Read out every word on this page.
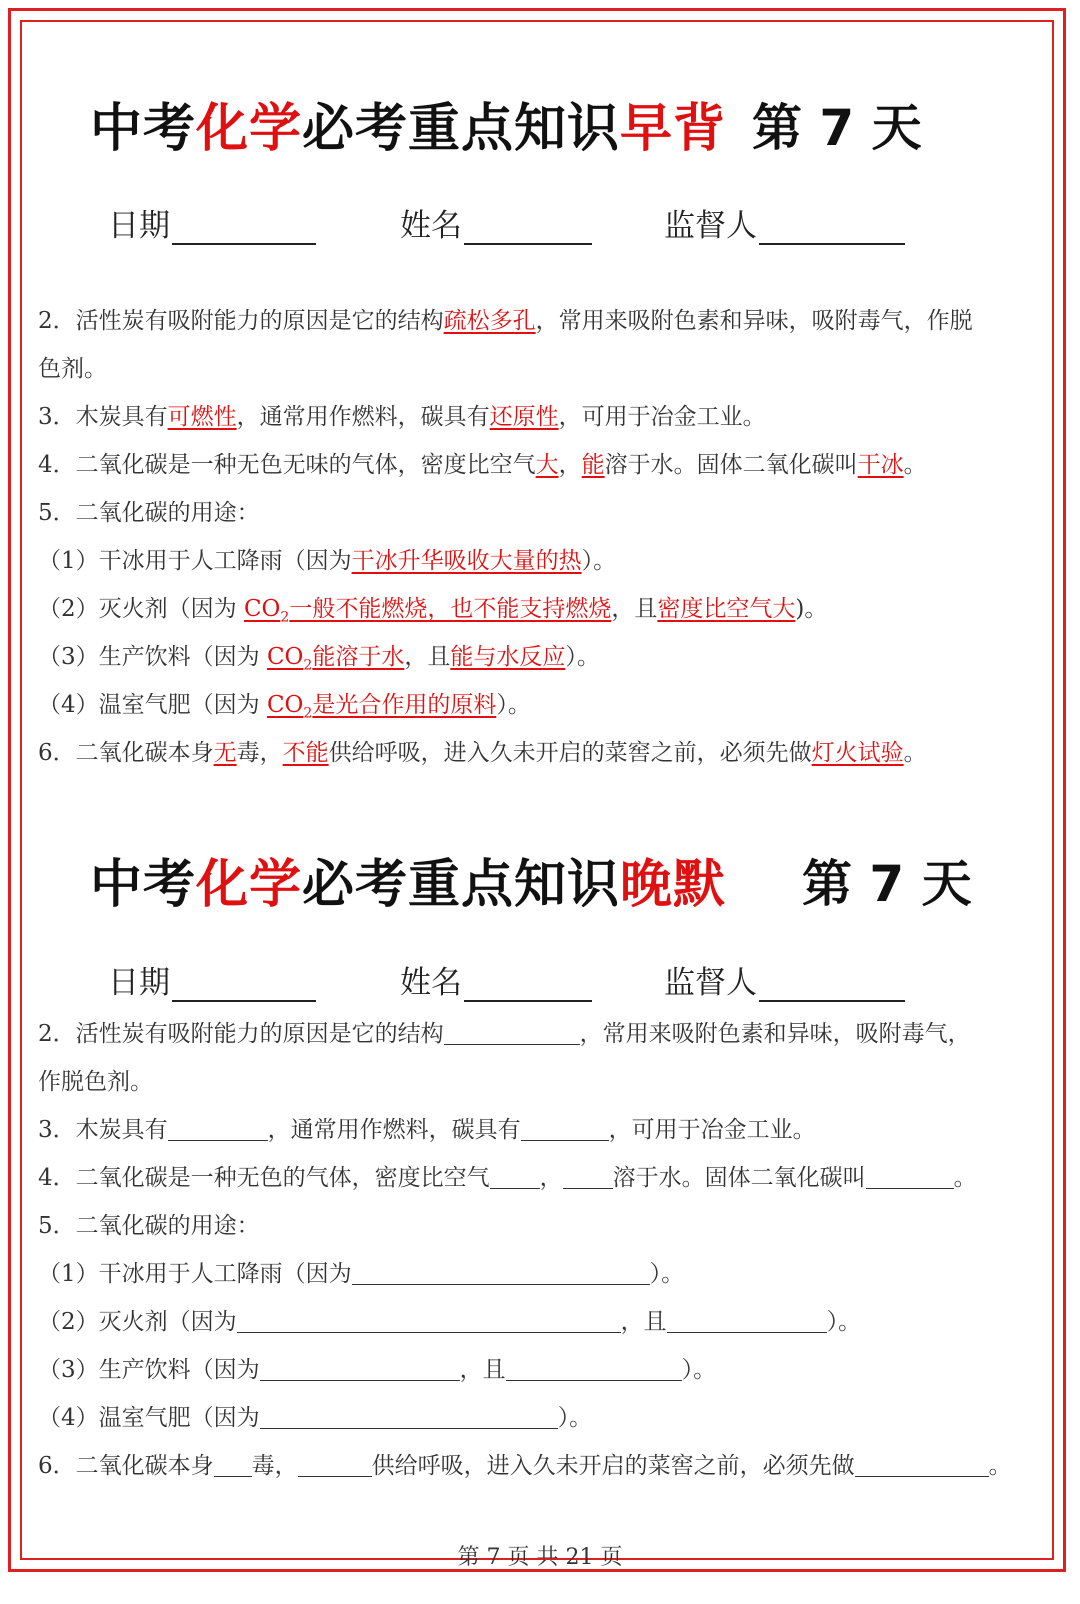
中考化学必考重点知识早背 第 7 天
日期	姓名	监督人
2．活性炭有吸附能力的原因是它的结构疏松多孔，常用来吸附色素和异味，吸附毒气，作脱
色剂。
3．木炭具有可燃性，通常用作燃料，碳具有还原性，可用于冶金工业。
4．二氧化碳是一种无色无味的气体，密度比空气大，能溶于水。固体二氧化碳叫干冰。
5．二氧化碳的用途：
（1）干冰用于人工降雨（因为干冰升华吸收大量的热）。
（2）灭火剂（因为 $CO_2$一般不能燃烧，也不能支持燃烧，且密度比空气大)。
（3）生产饮料（因为 $CO_2$能溶于水，且能与水反应）。
（4）温室气肥（因为 $CO_2$是光合作用的原料）。
6．二氧化碳本身无毒，不能供给呼吸，进入久未开启的菜窖之前，必须先做灯火试验。
中考化学必考重点知识晚默 第 7 天
日期	姓名	监督人
2．活性炭有吸附能力的原因是它的结构	，常用来吸附色素和异味，吸附毒气，
作脱色剂。
3．木炭具有	，通常用作燃料，碳具有	，可用于冶金工业。
4．二氧化碳是一种无色的气体，密度比空气 ， 溶于水。固体二氧化碳叫	。
5．二氧化碳的用途：
（1）干冰用于人工降雨（因为	）。
（2）灭火剂（因为	，且	）。
（3）生产饮料（因为	，且	）。
（4）温室气肥（因为	）。
6．二氧化碳本身 毒，	供给呼吸，进入久未开启的菜窖之前，必须先做	。
第 7 页 共 21 页
